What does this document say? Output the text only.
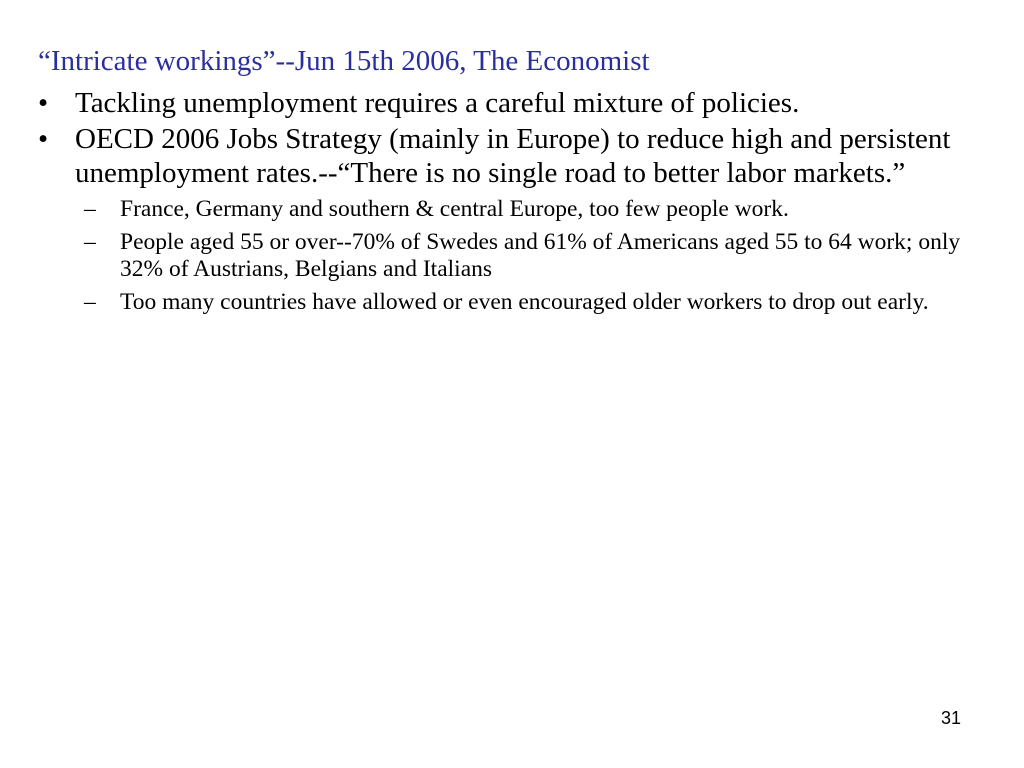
“Intricate workings”--Jun 15th 2006, The Economist
• Tackling unemployment requires a careful mixture of policies.
• OECD 2006 Jobs Strategy (mainly in Europe) to reduce high and persistent unemployment rates.--“There is no single road to better labor markets.”
– France, Germany and southern & central Europe, too few people work.
– People aged 55 or over--70% of Swedes and 61% of Americans aged 55 to 64 work; only 32% of Austrians, Belgians and Italians
– Too many countries have allowed or even encouraged older workers to drop out early.
31
